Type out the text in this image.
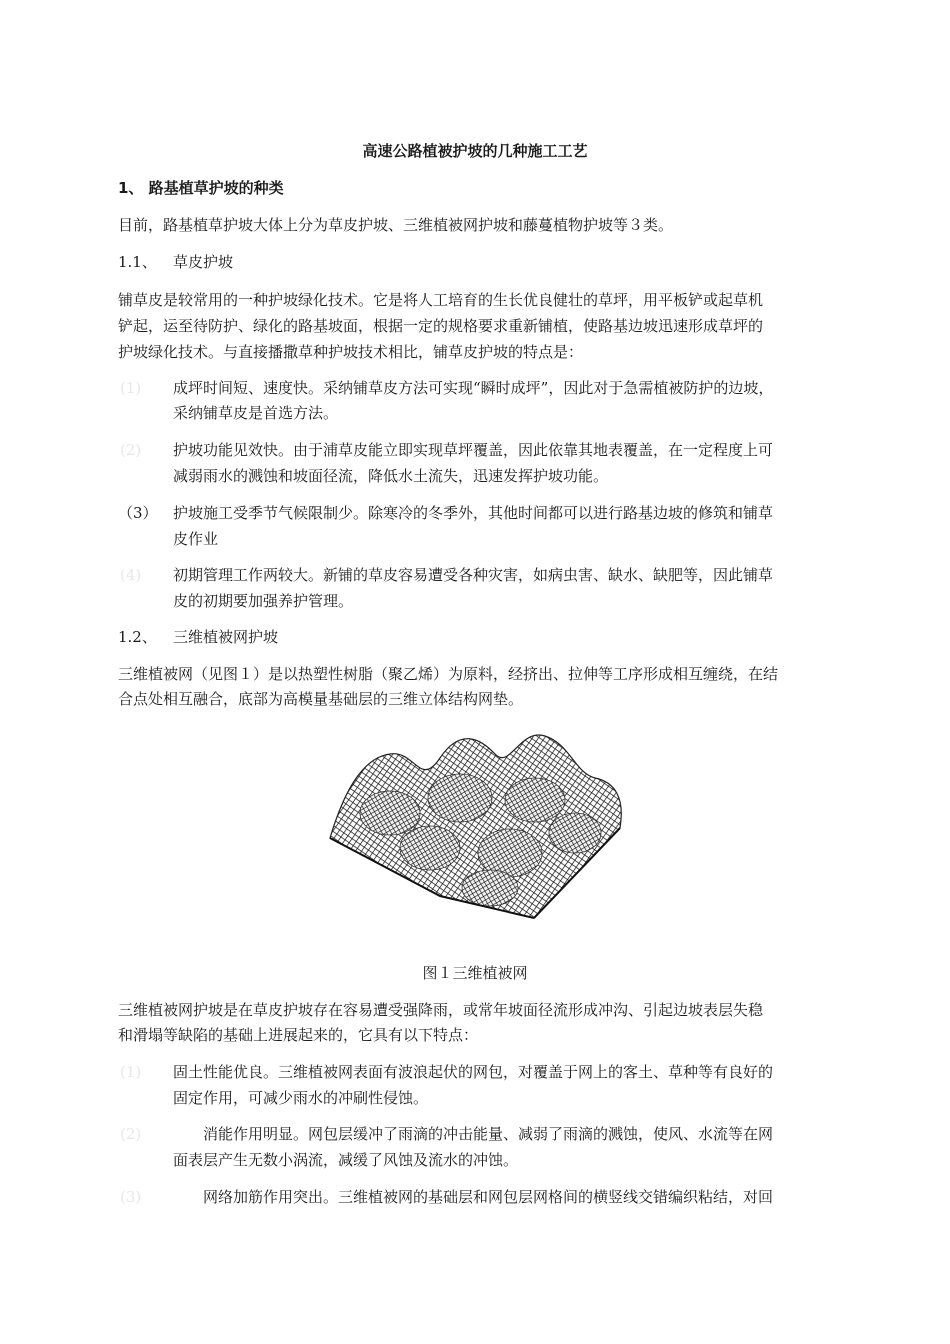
高速公路植被护坡的几种施工工艺
1、 路基植草护坡的种类
目前，路基植草护坡大体上分为草皮护坡、三维植被网护坡和藤蔓植物护坡等３类。
1.1、 草皮护坡
铺草皮是较常用的一种护坡绿化技术。它是将人工培育的生长优良健壮的草坪，用平板铲或起草机
铲起，运至待防护、绿化的路基坡面，根据一定的规格要求重新铺植，使路基边坡迅速形成草坪的
护坡绿化技术。与直接播撒草种护坡技术相比，铺草皮护坡的特点是：
(1) 成坪时间短、速度快。采纳铺草皮方法可实现“瞬时成坪”，因此对于急需植被防护的边坡，
采纳铺草皮是首选方法。
(2) 护坡功能见效快。由于浦草皮能立即实现草坪覆盖，因此依靠其地表覆盖，在一定程度上可
减弱雨水的溅蚀和坡面径流，降低水土流失，迅速发挥护坡功能。
（3） 护坡施工受季节气候限制少。除寒冷的冬季外，其他时间都可以进行路基边坡的修筑和铺草
皮作业
(4) 初期管理工作两较大。新铺的草皮容易遭受各种灾害，如病虫害、缺水、缺肥等，因此铺草
皮的初期要加强养护管理。
1.2、 三维植被网护坡
三维植被网（见图１）是以热塑性树脂（聚乙烯）为原料，经挤出、拉伸等工序形成相互缠绕，在结
合点处相互融合，底部为高模量基础层的三维立体结构网垫。
图１三维植被网
三维植被网护坡是在草皮护坡存在容易遭受强降雨，或常年坡面径流形成冲沟、引起边坡表层失稳
和滑塌等缺陷的基础上进展起来的，它具有以下特点：
(1) 固土性能优良。三维植被网表面有波浪起伏的网包，对覆盖于网上的客土、草种等有良好的
固定作用，可减少雨水的冲刷性侵蚀。
(2) 　　消能作用明显。网包层缓冲了雨滴的冲击能量、减弱了雨滴的溅蚀，使风、水流等在网
面表层产生无数小涡流，减缓了风蚀及流水的冲蚀。
(3) 　　网络加筋作用突出。三维植被网的基础层和网包层网格间的横竖线交错编织粘结，对回
